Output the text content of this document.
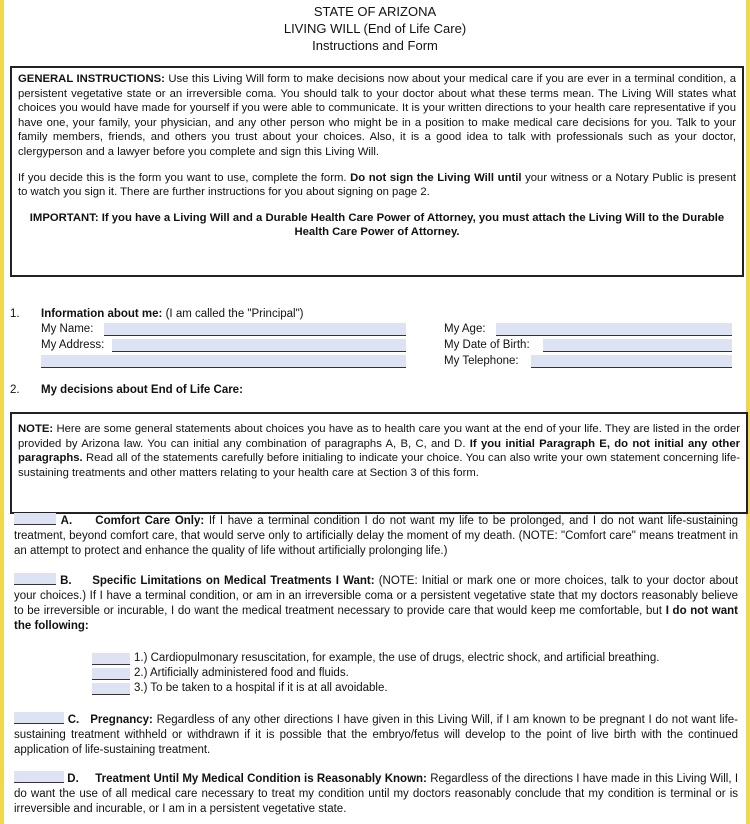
STATE OF ARIZONA
LIVING WILL (End of Life Care)
Instructions and Form

GENERAL INSTRUCTIONS: Use this Living Will form to make decisions now about your medical care if you are ever in a terminal condition, a persistent vegetative state or an irreversible coma. You should talk to your doctor about what these terms mean. The Living Will states what choices you would have made for yourself if you were able to communicate. It is your written directions to your health care representative if you have one, your family, your physician, and any other person who might be in a position to make medical care decisions for you. Talk to your family members, friends, and others you trust about your choices. Also, it is a good idea to talk with professionals such as your doctor, clergyperson and a lawyer before you complete and sign this Living Will.

If you decide this is the form you want to use, complete the form. Do not sign the Living Will until your witness or a Notary Public is present to watch you sign it. There are further instructions for you about signing on page 2.

IMPORTANT: If you have a Living Will and a Durable Health Care Power of Attorney, you must attach the Living Will to the Durable Health Care Power of Attorney.

1. Information about me: (I am called the "Principal")
My Name:
My Address:
My Age:
My Date of Birth:
My Telephone:
2. My decisions about End of Life Care:

NOTE: Here are some general statements about choices you have as to health care you want at the end of your life. They are listed in the order provided by Arizona law. You can initial any combination of paragraphs A, B, C, and D. If you initial Paragraph E, do not initial any other paragraphs. Read all of the statements carefully before initialing to indicate your choice. You can also write your own statement concerning life-sustaining treatments and other matters relating to your health care at Section 3 of this form.

A. Comfort Care Only: If I have a terminal condition I do not want my life to be prolonged, and I do not want life-sustaining treatment, beyond comfort care, that would serve only to artificially delay the moment of my death. (NOTE: "Comfort care" means treatment in an attempt to protect and enhance the quality of life without artificially prolonging life.)

B. Specific Limitations on Medical Treatments I Want: (NOTE: Initial or mark one or more choices, talk to your doctor about your choices.) If I have a terminal condition, or am in an irreversible coma or a persistent vegetative state that my doctors reasonably believe to be irreversible or incurable, I do want the medical treatment necessary to provide care that would keep me comfortable, but I do not want the following:

1.) Cardiopulmonary resuscitation, for example, the use of drugs, electric shock, and artificial breathing.
2.) Artificially administered food and fluids.
3.) To be taken to a hospital if it is at all avoidable.

C. Pregnancy: Regardless of any other directions I have given in this Living Will, if I am known to be pregnant I do not want life-sustaining treatment withheld or withdrawn if it is possible that the embryo/fetus will develop to the point of live birth with the continued application of life-sustaining treatment.

D. Treatment Until My Medical Condition is Reasonably Known: Regardless of the directions I have made in this Living Will, I do want the use of all medical care necessary to treat my condition until my doctors reasonably conclude that my condition is terminal or is irreversible and incurable, or I am in a persistent vegetative state.
